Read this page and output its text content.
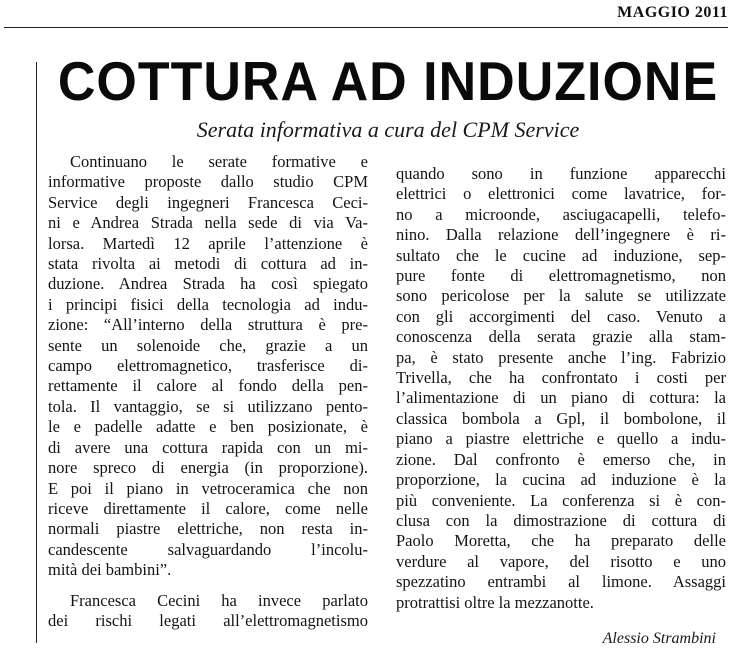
MAGGIO 2011
COTTURA AD INDUZIONE
Serata informativa a cura del CPM Service
Continuano le serate formative e
informative proposte dallo studio CPM
Service degli ingegneri Francesca Ceci-
ni e Andrea Strada nella sede di via Va-
lorsa. Martedì 12 aprile l’attenzione è
stata rivolta ai metodi di cottura ad in-
duzione. Andrea Strada ha così spiegato
i principi fisici della tecnologia ad indu-
zione: “All’interno della struttura è pre-
sente un solenoide che, grazie a un
campo elettromagnetico, trasferisce di-
rettamente il calore al fondo della pen-
tola. Il vantaggio, se si utilizzano pento-
le e padelle adatte e ben posizionate, è
di avere una cottura rapida con un mi-
nore spreco di energia (in proporzione).
E poi il piano in vetroceramica che non
riceve direttamente il calore, come nelle
normali piastre elettriche, non resta in-
candescente salvaguardando l’incolu-
mità dei bambini”.
Francesca Cecini ha invece parlato
dei rischi legati all’elettromagnetismo
quando sono in funzione apparecchi
elettrici o elettronici come lavatrice, for-
no a microonde, asciugacapelli, telefo-
nino. Dalla relazione dell’ingegnere è ri-
sultato che le cucine ad induzione, sep-
pure fonte di elettromagnetismo, non
sono pericolose per la salute se utilizzate
con gli accorgimenti del caso. Venuto a
conoscenza della serata grazie alla stam-
pa, è stato presente anche l’ing. Fabrizio
Trivella, che ha confrontato i costi per
l’alimentazione di un piano di cottura: la
classica bombola a Gpl, il bombolone, il
piano a piastre elettriche e quello a indu-
zione. Dal confronto è emerso che, in
proporzione, la cucina ad induzione è la
più conveniente. La conferenza si è con-
clusa con la dimostrazione di cottura di
Paolo Moretta, che ha preparato delle
verdure al vapore, del risotto e uno
spezzatino entrambi al limone. Assaggi
protrattisi oltre la mezzanotte.
Alessio Strambini
